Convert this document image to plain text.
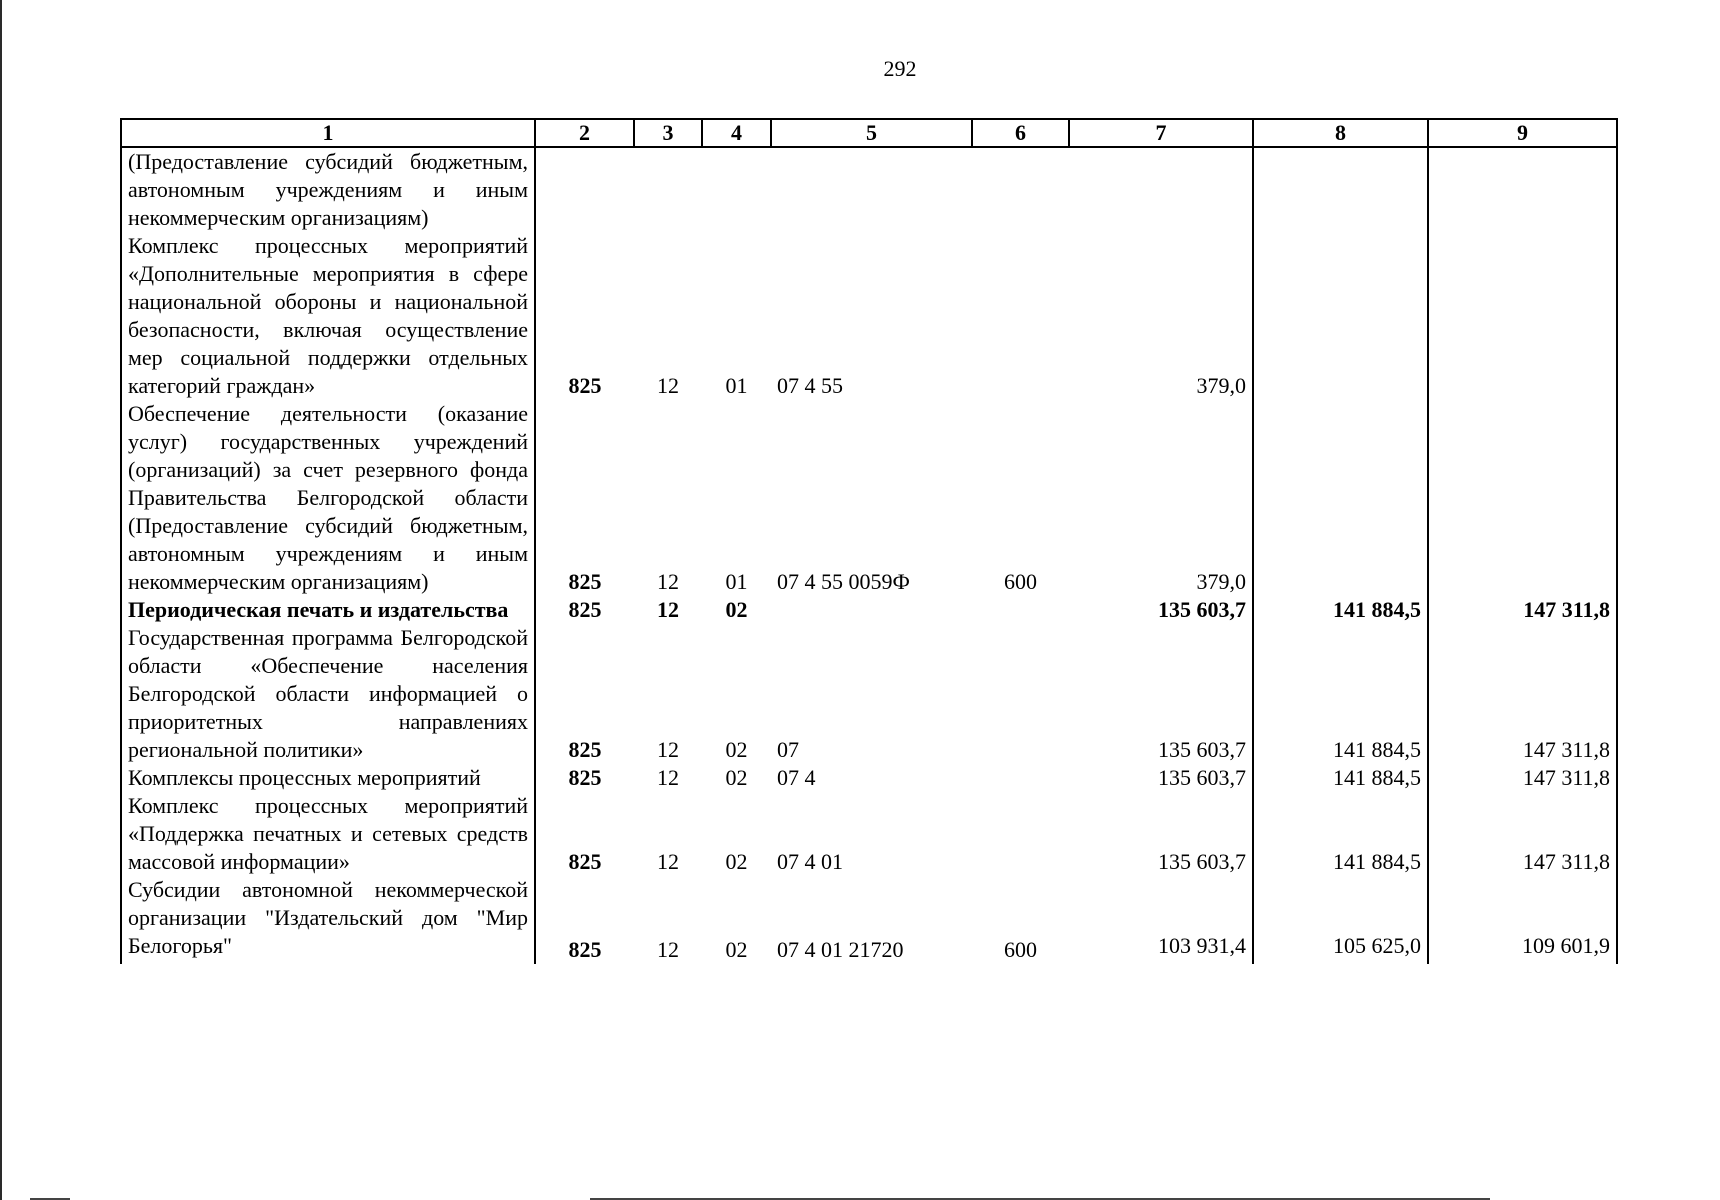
292
1	2	3	4	5	6	7	8	9
(Предоставление субсидий бюджетным, автономным учреждениям и иным некоммерческим организациям)								
Комплекс процессных мероприятий «Дополнительные мероприятия в сфере национальной обороны и национальной безопасности, включая осуществление мер социальной поддержки отдельных категорий граждан»	825	12	01	07 4 55		379,0		
Обеспечение деятельности (оказание услуг) государственных учреждений (организаций) за счет резервного фонда Правительства Белгородской области (Предоставление субсидий бюджетным, автономным учреждениям и иным некоммерческим организациям)	825	12	01	07 4 55 0059Ф	600	379,0		
Периодическая печать и издательства	825	12	02			135 603,7	141 884,5	147 311,8
Государственная программа Белгородской области «Обеспечение населения Белгородской области информацией о приоритетных направлениях региональной политики»	825	12	02	07		135 603,7	141 884,5	147 311,8
Комплексы процессных мероприятий	825	12	02	07 4		135 603,7	141 884,5	147 311,8
Комплекс процессных мероприятий «Поддержка печатных и сетевых средств массовой информации»	825	12	02	07 4 01		135 603,7	141 884,5	147 311,8
Субсидии автономной некоммерческой организации "Издательский дом "Мир Белогорья"	825	12	02	07 4 01 21720	600	103 931,4	105 625,0	109 601,9
